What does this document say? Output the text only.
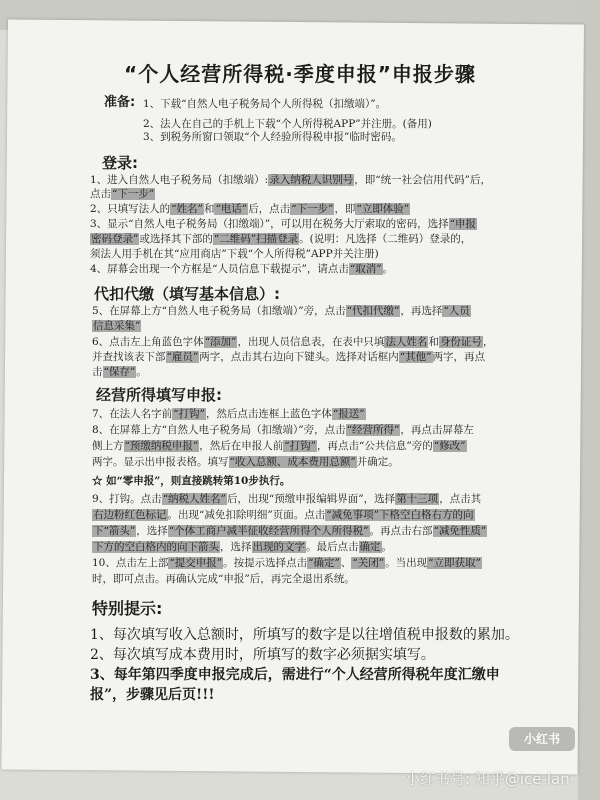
“个人经营所得税·季度申报”申报步骤
准备: 1、下载“自然人电子税务局个人所得税（扣缴端）”。
2、法人在自己的手机上下载“个人所得税APP”并注册。(备用)
3、到税务所窗口领取“个人经验所得税申报”临时密码。
登录:
1、进入自然人电子税务局（扣缴端）:录入纳税人识别号，即“统一社会信用代码”后，
点击“下一步”
2、只填写法人的“姓名”和“电话”后，点击“下一步”，即“立即体验”
3、显示“自然人电子税务局（扣缴端）”，可以用在税务大厅索取的密码，选择“申报
密码登录”或选择其下部的“二维码”扫描登录。(说明：凡选择（二维码）登录的，
须法人用手机在其“应用商店”下载“个人所得税”APP并关注册)
4、屏幕会出现一个方框是“人员信息下载提示”，请点击“取消”。
代扣代缴（填写基本信息）:
5、在屏幕上方“自然人电子税务局（扣缴端）”旁，点击“代扣代缴”，再选择“人员
信息采集”
6、点击左上角蓝色字体“添加”，出现人员信息表，在表中只填法人姓名和身份证号，
并查找该表下部“雇员”两字，点击其右边向下键头。选择对话框内“其他”两字，再点
击“保存”。
经营所得填写申报:
7、在法人名字前“打钩”，然后点击连框上蓝色字体“报送”
8、在屏幕上方“自然人电子税务局（扣缴端）”旁，点击“经营所得”，再点击屏幕左
侧上方“预缴纳税申报”，然后在申报人前“打钩”，再点击“公共信息”旁的“修改”
两字。显示出申报表格。填写“收入总额、成本费用总额”并确定。
☆ 如“零申报”，则直接跳转第10步执行。
9、打钩。点击“纳税人姓名”后，出现“预缴申报编辑界面”，选择第十三项，点击其
右边粉红色标记。出现“减免扣除明细”页面。点击“减免事项”下格空白格右方的向
下“箭头”，选择“个体工商户减半征收经营所得个人所得税”。再点击右部“减免性质”
下方的空白格内的向下箭头，选择出现的文字。最后点击确定。
10、点击左上部“提交申报”。按提示选择点击“确定”、“关闭”。当出现“立即获取”
时，即可点击。再确认完成“申报”后，再完全退出系统。
特别提示:
1、每次填写收入总额时，所填写的数字是以往增值税申报数的累加。
2、每次填写成本费用时，所填写的数字必须据实填写。
3、每年第四季度申报完成后，需进行“个人经营所得税年度汇缴申
报”，步骤见后页!!!
小红书
小红书号: 知乎@ice-lan
